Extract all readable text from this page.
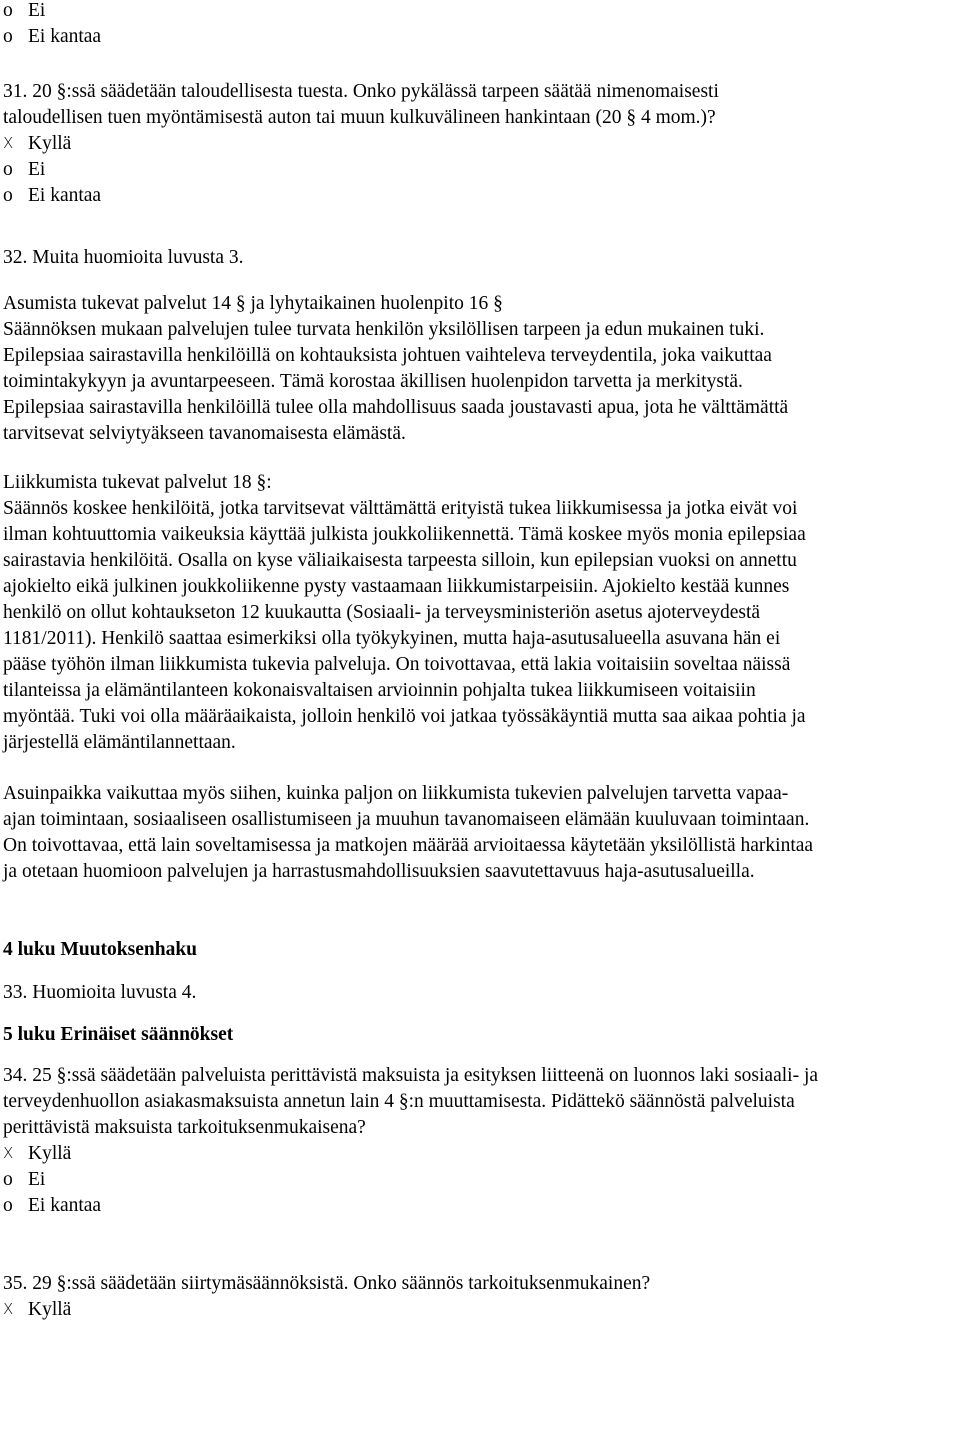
o Ei
o Ei kantaa
31. 20 §:ssä säädetään taloudellisesta tuesta. Onko pykälässä tarpeen säätää nimenomaisesti
taloudellisen tuen myöntämisestä auton tai muun kulkuvälineen hankintaan (20 § 4 mom.)?
X Kyllä
o Ei
o Ei kantaa
32. Muita huomioita luvusta 3.
Asumista tukevat palvelut 14 § ja lyhytaikainen huolenpito 16 §
Säännöksen mukaan palvelujen tulee turvata henkilön yksilöllisen tarpeen ja edun mukainen tuki.
Epilepsiaa sairastavilla henkilöillä on kohtauksista johtuen vaihteleva terveydentila, joka vaikuttaa
toimintakykyyn ja avuntarpeeseen. Tämä korostaa äkillisen huolenpidon tarvetta ja merkitystä.
Epilepsiaa sairastavilla henkilöillä tulee olla mahdollisuus saada joustavasti apua, jota he välttämättä
tarvitsevat selviytyäkseen tavanomaisesta elämästä.
Liikkumista tukevat palvelut 18 §:
Säännös koskee henkilöitä, jotka tarvitsevat välttämättä erityistä tukea liikkumisessa ja jotka eivät voi
ilman kohtuuttomia vaikeuksia käyttää julkista joukkoliikennettä. Tämä koskee myös monia epilepsiaa
sairastavia henkilöitä. Osalla on kyse väliaikaisesta tarpeesta silloin, kun epilepsian vuoksi on annettu
ajokielto eikä julkinen joukkoliikenne pysty vastaamaan liikkumistarpeisiin. Ajokielto kestää kunnes
henkilö on ollut kohtaukseton 12 kuukautta (Sosiaali- ja terveysministeriön asetus ajoterveydestä
1181/2011). Henkilö saattaa esimerkiksi olla työkykyinen, mutta haja-asutusalueella asuvana hän ei
pääse työhön ilman liikkumista tukevia palveluja. On toivottavaa, että lakia voitaisiin soveltaa näissä
tilanteissa ja elämäntilanteen kokonaisvaltaisen arvioinnin pohjalta tukea liikkumiseen voitaisiin
myöntää. Tuki voi olla määräaikaista, jolloin henkilö voi jatkaa työssäkäyntiä mutta saa aikaa pohtia ja
järjestellä elämäntilannettaan.
Asuinpaikka vaikuttaa myös siihen, kuinka paljon on liikkumista tukevien palvelujen tarvetta vapaa-
ajan toimintaan, sosiaaliseen osallistumiseen ja muuhun tavanomaiseen elämään kuuluvaan toimintaan.
On toivottavaa, että lain soveltamisessa ja matkojen määrää arvioitaessa käytetään yksilöllistä harkintaa
ja otetaan huomioon palvelujen ja harrastusmahdollisuuksien saavutettavuus haja-asutusalueilla.
4 luku Muutoksenhaku
33. Huomioita luvusta 4.
5 luku Erinäiset säännökset
34. 25 §:ssä säädetään palveluista perittävistä maksuista ja esityksen liitteenä on luonnos laki sosiaali- ja
terveydenhuollon asiakasmaksuista annetun lain 4 §:n muuttamisesta. Pidättekö säännöstä palveluista
perittävistä maksuista tarkoituksenmukaisena?
X Kyllä
o Ei
o Ei kantaa
35. 29 §:ssä säädetään siirtymäsäännöksistä. Onko säännös tarkoituksenmukainen?
X Kyllä
